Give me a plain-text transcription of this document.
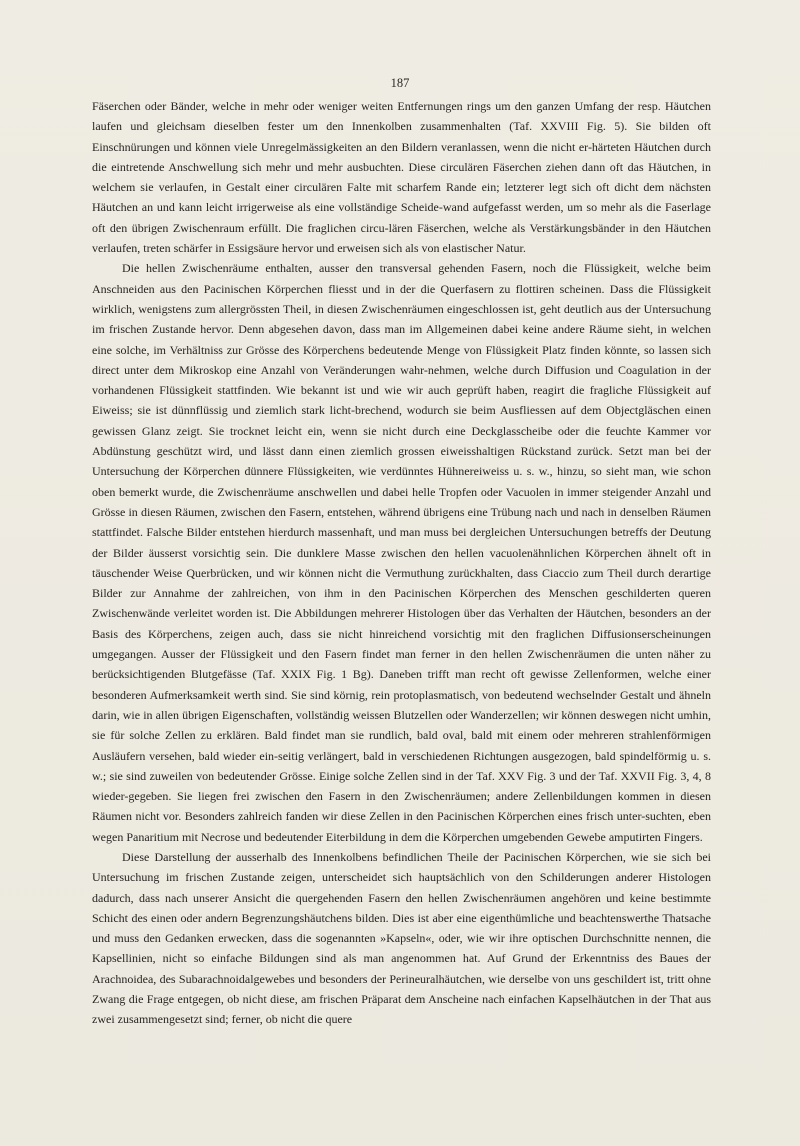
187

Fäserchen oder Bänder, welche in mehr oder weniger weiten Entfernungen rings um den ganzen Umfang der resp. Häutchen laufen und gleichsam dieselben fester um den Innenkolben zusammenhalten (Taf. XXVIII Fig. 5). Sie bilden oft Einschnürungen und können viele Unregelmässigkeiten an den Bildern veranlassen, wenn die nicht er-härteten Häutchen durch die eintretende Anschwellung sich mehr und mehr ausbuchten. Diese circulären Fäserchen ziehen dann oft das Häutchen, in welchem sie verlaufen, in Gestalt einer circulären Falte mit scharfem Rande ein; letzterer legt sich oft dicht dem nächsten Häutchen an und kann leicht irrigerweise als eine vollständige Scheide-wand aufgefasst werden, um so mehr als die Faserlage oft den übrigen Zwischenraum erfüllt. Die fraglichen circu-lären Fäserchen, welche als Verstärkungsbänder in den Häutchen verlaufen, treten schärfer in Essigsäure hervor und erweisen sich als von elastischer Natur.

Die hellen Zwischenräume enthalten, ausser den transversal gehenden Fasern, noch die Flüssigkeit, welche beim Anschneiden aus den Pacinischen Körperchen fliesst und in der die Querfasern zu flottiren scheinen. Dass die Flüssigkeit wirklich, wenigstens zum allergrössten Theil, in diesen Zwischenräumen eingeschlossen ist, geht deutlich aus der Untersuchung im frischen Zustande hervor. Denn abgesehen davon, dass man im Allgemeinen dabei keine andere Räume sieht, in welchen eine solche, im Verhältniss zur Grösse des Körperchens bedeutende Menge von Flüssigkeit Platz finden könnte, so lassen sich direct unter dem Mikroskop eine Anzahl von Veränderungen wahr-nehmen, welche durch Diffusion und Coagulation in der vorhandenen Flüssigkeit stattfinden. Wie bekannt ist und wie wir auch geprüft haben, reagirt die fragliche Flüssigkeit auf Eiweiss; sie ist dünnflüssig und ziemlich stark licht-brechend, wodurch sie beim Ausfliessen auf dem Objectgläschen einen gewissen Glanz zeigt. Sie trocknet leicht ein, wenn sie nicht durch eine Deckglasscheibe oder die feuchte Kammer vor Abdünstung geschützt wird, und lässt dann einen ziemlich grossen eiweisshaltigen Rückstand zurück. Setzt man bei der Untersuchung der Körperchen dünnere Flüssigkeiten, wie verdünntes Hühnereiweiss u. s. w., hinzu, so sieht man, wie schon oben bemerkt wurde, die Zwischenräume anschwellen und dabei helle Tropfen oder Vacuolen in immer steigender Anzahl und Grösse in diesen Räumen, zwischen den Fasern, entstehen, während übrigens eine Trübung nach und nach in denselben Räumen stattfindet. Falsche Bilder entstehen hierdurch massenhaft, und man muss bei dergleichen Untersuchungen betreffs der Deutung der Bilder äusserst vorsichtig sein. Die dunklere Masse zwischen den hellen vacuolenähnlichen Körperchen ähnelt oft in täuschender Weise Querbrücken, und wir können nicht die Vermuthung zurückhalten, dass Ciaccio zum Theil durch derartige Bilder zur Annahme der zahlreichen, von ihm in den Pacinischen Körperchen des Menschen geschilderten queren Zwischenwände verleitet worden ist. Die Abbildungen mehrerer Histologen über das Verhalten der Häutchen, besonders an der Basis des Körperchens, zeigen auch, dass sie nicht hinreichend vorsichtig mit den fraglichen Diffusionserscheinungen umgegangen. Ausser der Flüssigkeit und den Fasern findet man ferner in den hellen Zwischenräumen die unten näher zu berücksichtigenden Blutgefässe (Taf. XXIX Fig. 1 Bg). Daneben trifft man recht oft gewisse Zellenformen, welche einer besonderen Aufmerksamkeit werth sind. Sie sind körnig, rein protoplasmatisch, von bedeutend wechselnder Gestalt und ähneln darin, wie in allen übrigen Eigenschaften, vollständig weissen Blutzellen oder Wanderzellen; wir können deswegen nicht umhin, sie für solche Zellen zu erklären. Bald findet man sie rundlich, bald oval, bald mit einem oder mehreren strahlenförmigen Ausläufern versehen, bald wieder ein-seitig verlängert, bald in verschiedenen Richtungen ausgezogen, bald spindelförmig u. s. w.; sie sind zuweilen von bedeutender Grösse. Einige solche Zellen sind in der Taf. XXV Fig. 3 und der Taf. XXVII Fig. 3, 4, 8 wieder-gegeben. Sie liegen frei zwischen den Fasern in den Zwischenräumen; andere Zellenbildungen kommen in diesen Räumen nicht vor. Besonders zahlreich fanden wir diese Zellen in den Pacinischen Körperchen eines frisch unter-suchten, eben wegen Panaritium mit Necrose und bedeutender Eiterbildung in dem die Körperchen umgebenden Gewebe amputirten Fingers.

Diese Darstellung der ausserhalb des Innenkolbens befindlichen Theile der Pacinischen Körperchen, wie sie sich bei Untersuchung im frischen Zustande zeigen, unterscheidet sich hauptsächlich von den Schilderungen anderer Histologen dadurch, dass nach unserer Ansicht die quergehenden Fasern den hellen Zwischenräumen angehören und keine bestimmte Schicht des einen oder andern Begrenzungshäutchens bilden. Dies ist aber eine eigenthümliche und beachtenswerthe Thatsache und muss den Gedanken erwecken, dass die sogenannten »Kapseln«, oder, wie wir ihre optischen Durchschnitte nennen, die Kapsellinien, nicht so einfache Bildungen sind als man angenommen hat. Auf Grund der Erkenntniss des Baues der Arachnoidea, des Subarachnoidalgewebes und besonders der Perineuralhäutchen, wie derselbe von uns geschildert ist, tritt ohne Zwang die Frage entgegen, ob nicht diese, am frischen Präparat dem Anscheine nach einfachen Kapselhäutchen in der That aus zwei zusammengesetzt sind; ferner, ob nicht die quere
